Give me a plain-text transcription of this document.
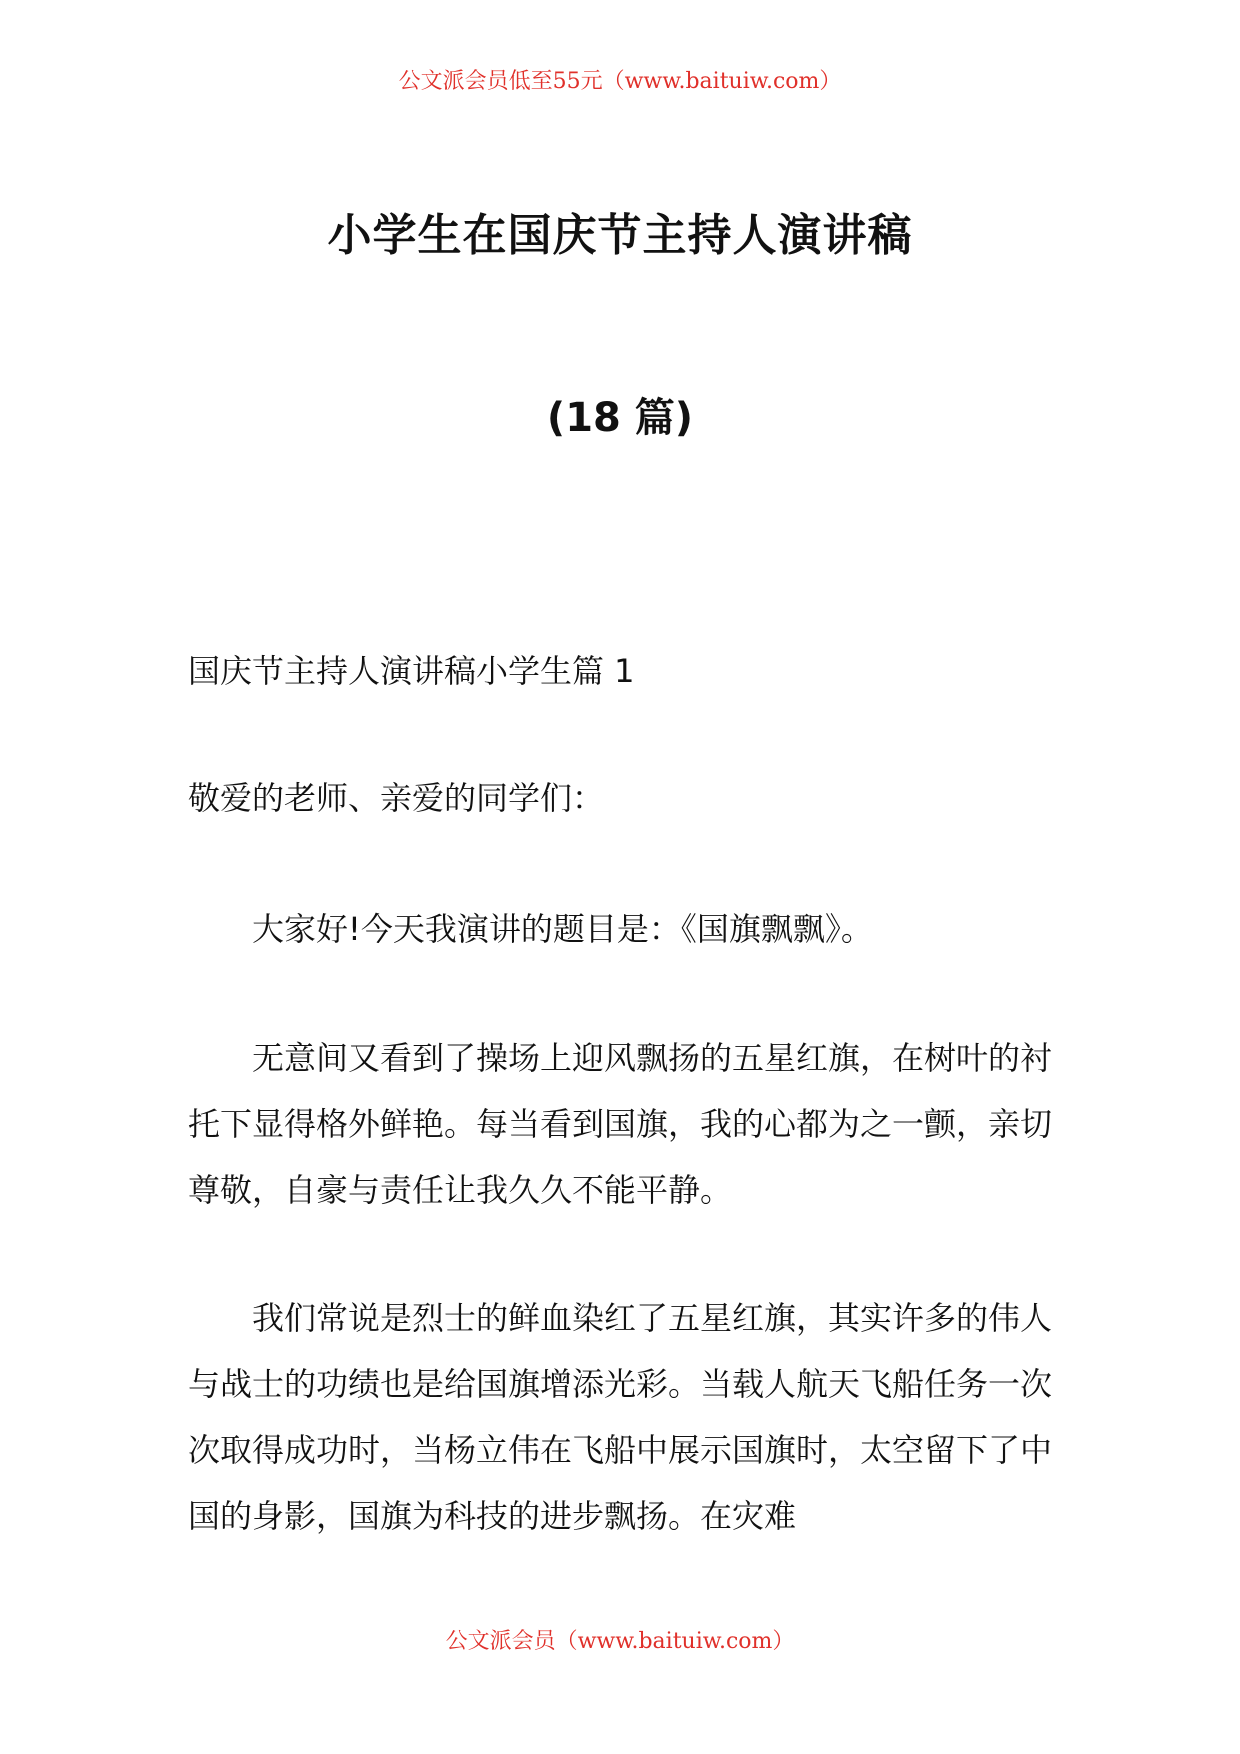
公文派会员低至55元（www.baituiw.com）
小学生在国庆节主持人演讲稿
(18 篇)

国庆节主持人演讲稿小学生篇 1

敬爱的老师、亲爱的同学们：

大家好!今天我演讲的题目是：《国旗飘飘》。

无意间又看到了操场上迎风飘扬的五星红旗，在树叶的衬托下显得格外鲜艳。每当看到国旗，我的心都为之一颤，亲切尊敬，自豪与责任让我久久不能平静。

我们常说是烈士的鲜血染红了五星红旗，其实许多的伟人与战士的功绩也是给国旗增添光彩。当载人航天飞船任务一次次取得成功时，当杨立伟在飞船中展示国旗时，太空留下了中国的身影，国旗为科技的进步飘扬。在灾难

公文派会员（www.baituiw.com）
